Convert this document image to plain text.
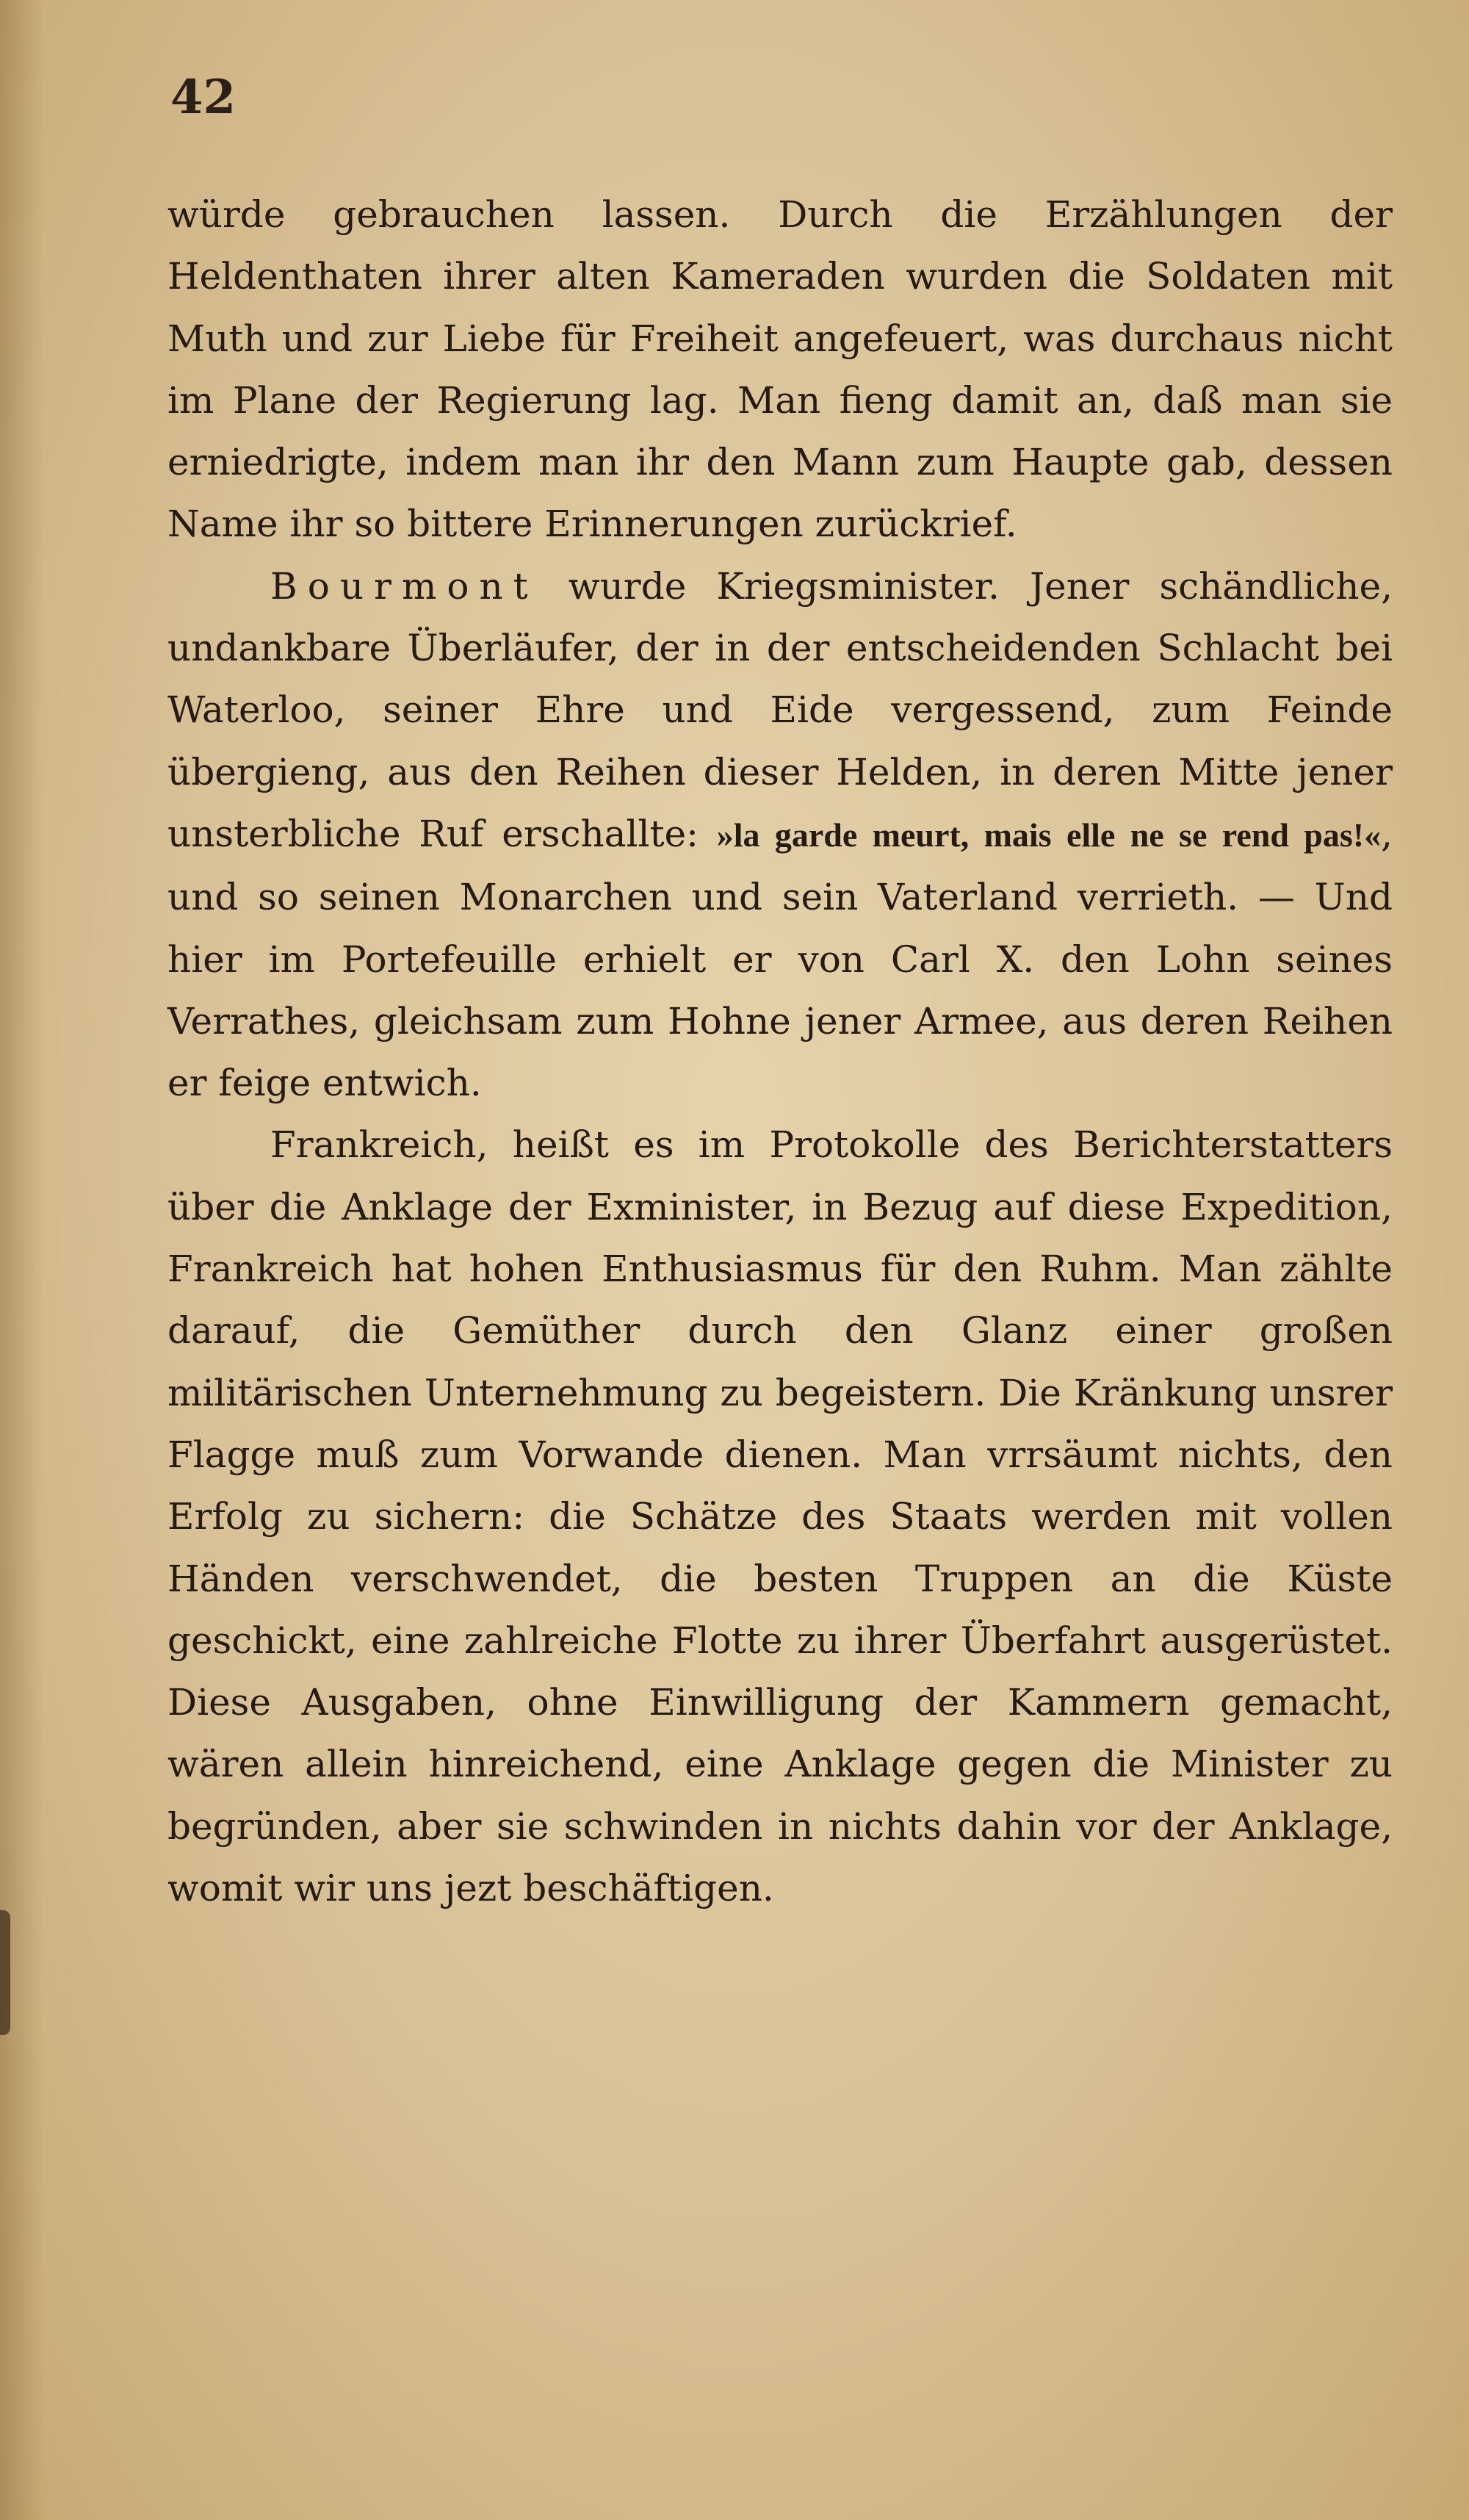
42

würde gebrauchen lassen. Durch die Erzählungen der Heldenthaten ihrer alten Kameraden wurden die Soldaten mit Muth und zur Liebe für Freiheit angefeuert, was durchaus nicht im Plane der Regierung lag. Man fieng damit an, daß man sie erniedrigte, indem man ihr den Mann zum Haupte gab, dessen Name ihr so bittere Erinnerungen zurückrief.

Bourmont wurde Kriegsminister. Jener schändliche, undankbare Überläufer, der in der entscheidenden Schlacht bei Waterloo, seiner Ehre und Eide vergessend, zum Feinde übergieng, aus den Reihen dieser Helden, in deren Mitte jener unsterbliche Ruf erschallte: »la garde meurt, mais elle ne se rend pas!«, und so seinen Monarchen und sein Vaterland verrieth. — Und hier im Portefeuille erhielt er von Carl X. den Lohn seines Verrathes, gleichsam zum Hohne jener Armee, aus deren Reihen er feige entwich.

Frankreich, heißt es im Protokolle des Berichterstatters über die Anklage der Exminister, in Bezug auf diese Expedition, Frankreich hat hohen Enthusiasmus für den Ruhm. Man zählte darauf, die Gemüther durch den Glanz einer großen militärischen Unternehmung zu begeistern. Die Kränkung unsrer Flagge muß zum Vorwande dienen. Man vrrsäumt nichts, den Erfolg zu sichern: die Schätze des Staats werden mit vollen Händen verschwendet, die besten Truppen an die Küste geschickt, eine zahlreiche Flotte zu ihrer Überfahrt ausgerüstet. Diese Ausgaben, ohne Einwilligung der Kammern gemacht, wären allein hinreichend, eine Anklage gegen die Minister zu begründen, aber sie schwinden in nichts dahin vor der Anklage, womit wir uns jezt beschäftigen.
